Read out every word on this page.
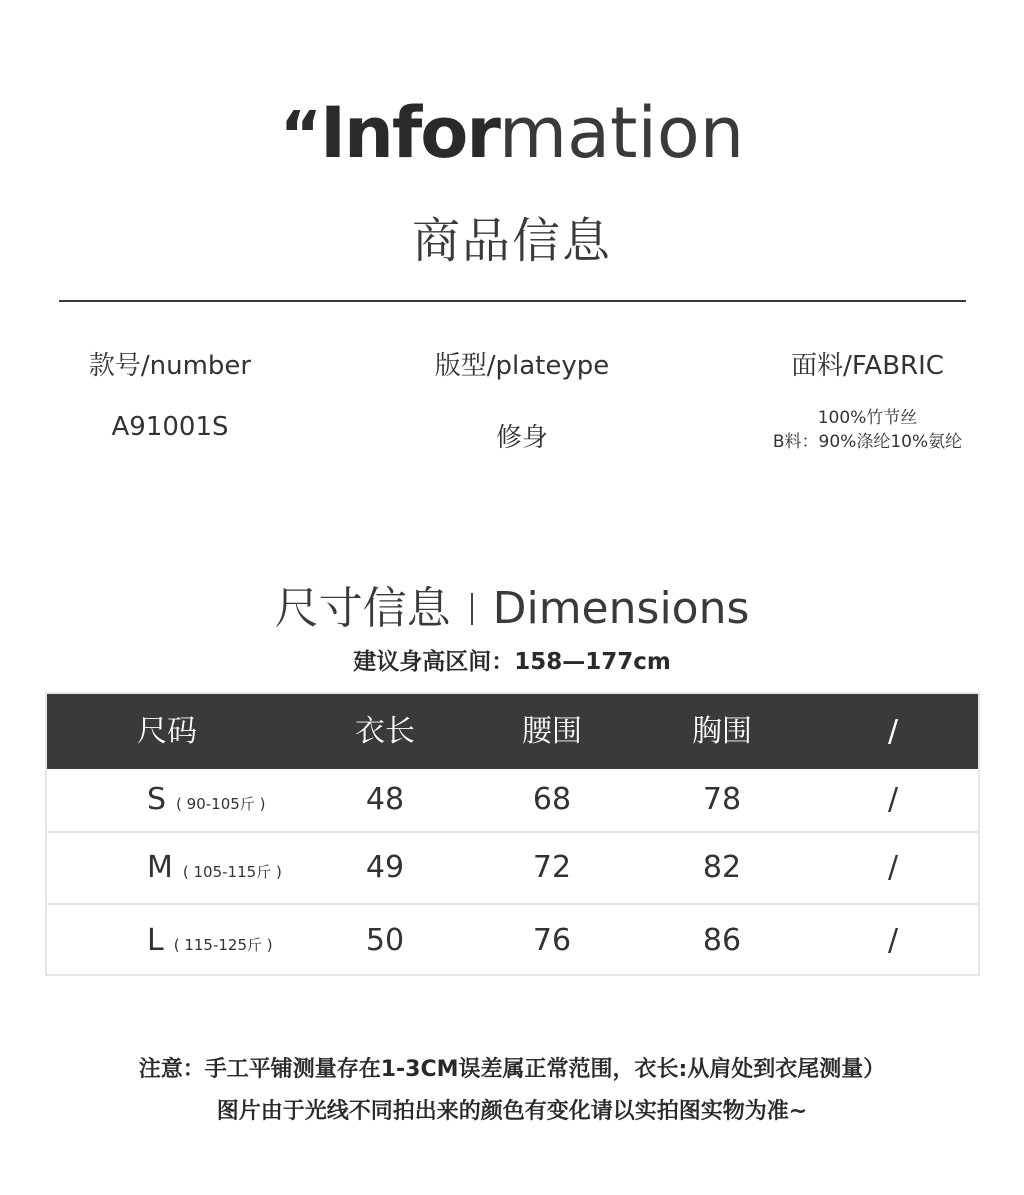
“Information
商品信息
款号/number
A91001S
版型/plateype
修身
面料/FABRIC
100%竹节丝
B料：90%涤纶10%氨纶
尺寸信息 Dimensions
建议身高区间：158—177cm
尺码	衣长	腰围	胸围	/
S ( 90-105斤 )	48	68	78	/
M ( 105-115斤 )	49	72	82	/
L ( 115-125斤 )	50	76	86	/
注意：手工平铺测量存在1-3CM误差属正常范围，衣长:从肩处到衣尾测量）
图片由于光线不同拍出来的颜色有变化请以实拍图实物为准~
